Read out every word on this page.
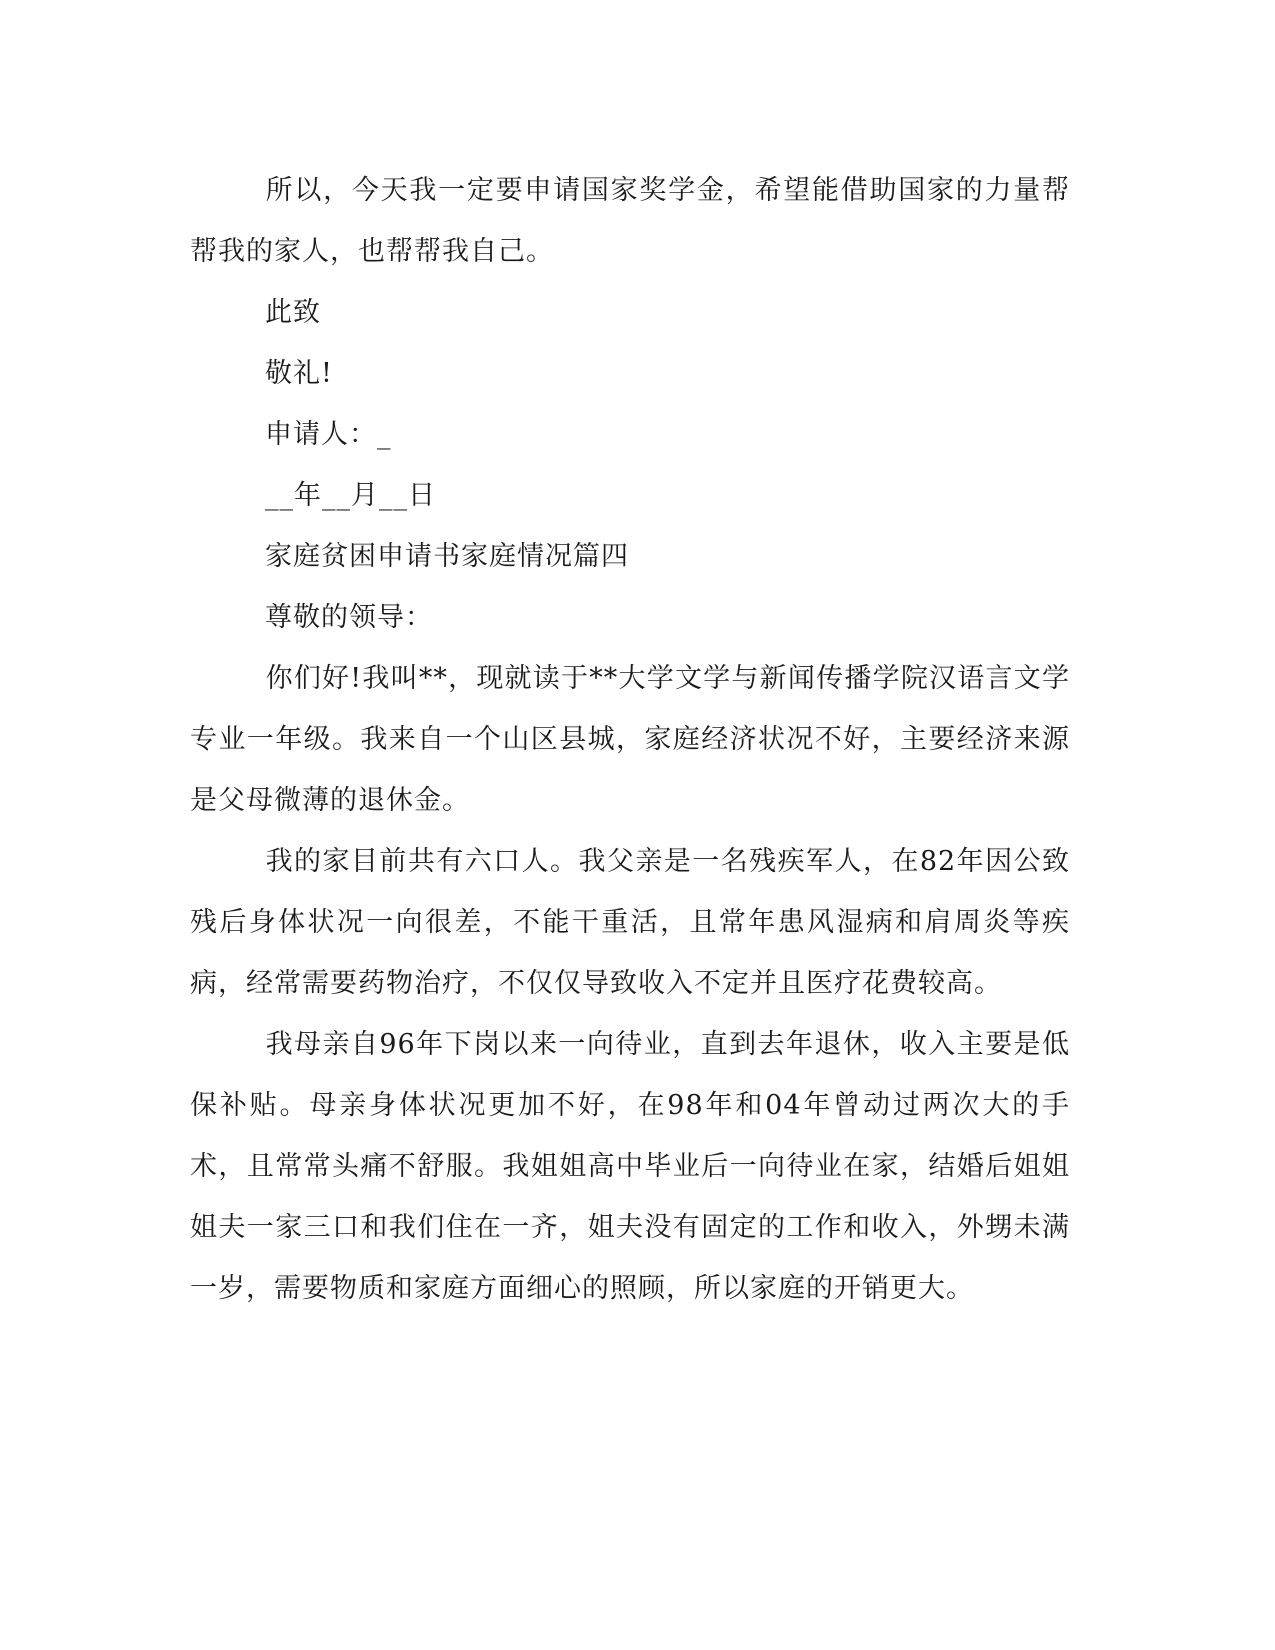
所以，今天我一定要申请国家奖学金，希望能借助国家的力量帮帮我的家人，也帮帮我自己。

此致

敬礼!

申请人：_

__年__月__日

家庭贫困申请书家庭情况篇四

尊敬的领导：

你们好!我叫**，现就读于**大学文学与新闻传播学院汉语言文学专业一年级。我来自一个山区县城，家庭经济状况不好，主要经济来源是父母微薄的退休金。

我的家目前共有六口人。我父亲是一名残疾军人，在82年因公致残后身体状况一向很差，不能干重活，且常年患风湿病和肩周炎等疾病，经常需要药物治疗，不仅仅导致收入不定并且医疗花费较高。

我母亲自96年下岗以来一向待业，直到去年退休，收入主要是低保补贴。母亲身体状况更加不好，在98年和04年曾动过两次大的手术，且常常头痛不舒服。我姐姐高中毕业后一向待业在家，结婚后姐姐姐夫一家三口和我们住在一齐，姐夫没有固定的工作和收入，外甥未满一岁，需要物质和家庭方面细心的照顾，所以家庭的开销更大。
